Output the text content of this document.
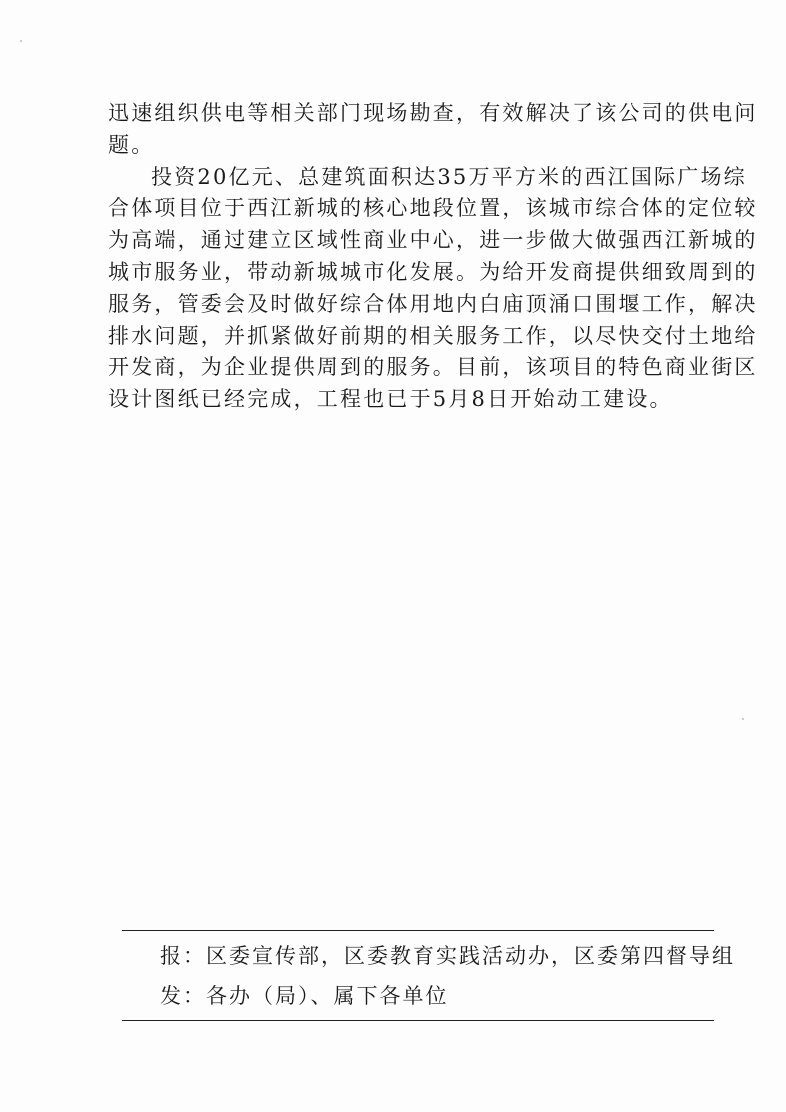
迅速组织供电等相关部门现场勘查，有效解决了该公司的供电问
题。
投资20亿元、总建筑面积达35万平方米的西江国际广场综
合体项目位于西江新城的核心地段位置，该城市综合体的定位较
为高端，通过建立区域性商业中心，进一步做大做强西江新城的
城市服务业，带动新城城市化发展。为给开发商提供细致周到的
服务，管委会及时做好综合体用地内白庙顶涌口围堰工作，解决
排水问题，并抓紧做好前期的相关服务工作，以尽快交付土地给
开发商，为企业提供周到的服务。目前，该项目的特色商业街区
设计图纸已经完成，工程也已于5月8日开始动工建设。
报：区委宣传部，区委教育实践活动办，区委第四督导组
发：各办（局）、属下各单位
